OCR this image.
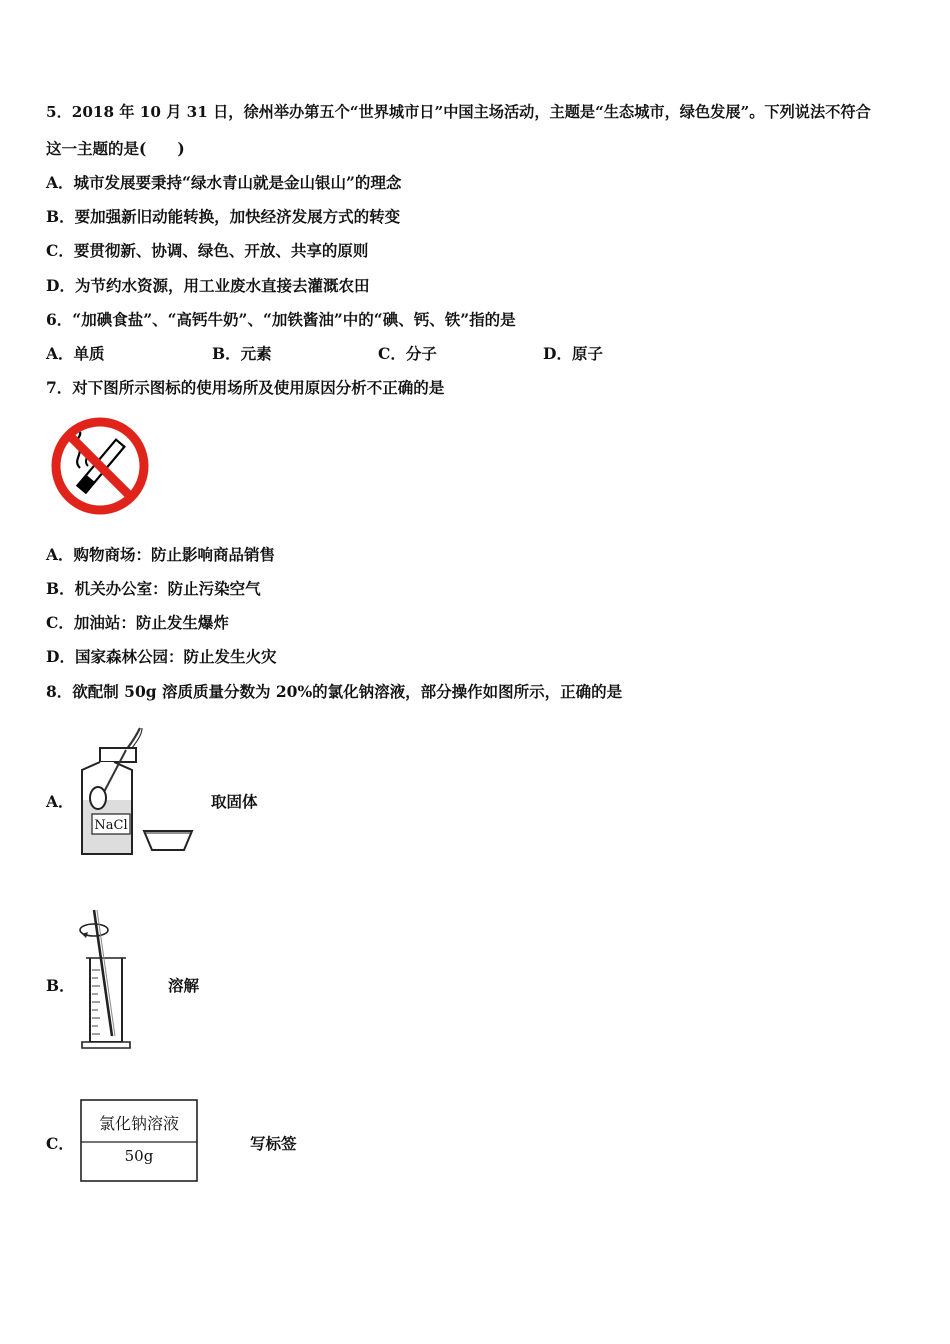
5．2018 年 10 月 31 日，徐州举办第五个“世界城市日”中国主场活动，主题是“生态城市，绿色发展”。下列说法不符合
这一主题的是(　　)
A．城市发展要秉持“绿水青山就是金山银山”的理念
B．要加强新旧动能转换，加快经济发展方式的转变
C．要贯彻新、协调、绿色、开放、共享的原则
D．为节约水资源，用工业废水直接去灌溉农田
6．“加碘食盐”、“高钙牛奶”、“加铁酱油”中的“碘、钙、铁”指的是
A．单质	B．元素	C．分子	D．原子
7．对下图所示图标的使用场所及使用原因分析不正确的是
A．购物商场：防止影响商品销售
B．机关办公室：防止污染空气
C．加油站：防止发生爆炸
D．国家森林公园：防止发生火灾
8．欲配制 50g 溶质质量分数为 20%的氯化钠溶液，部分操作如图所示，正确的是
A．
NaCl
取固体
B．	溶解
C．
氯化钠溶液
50g
写标签
